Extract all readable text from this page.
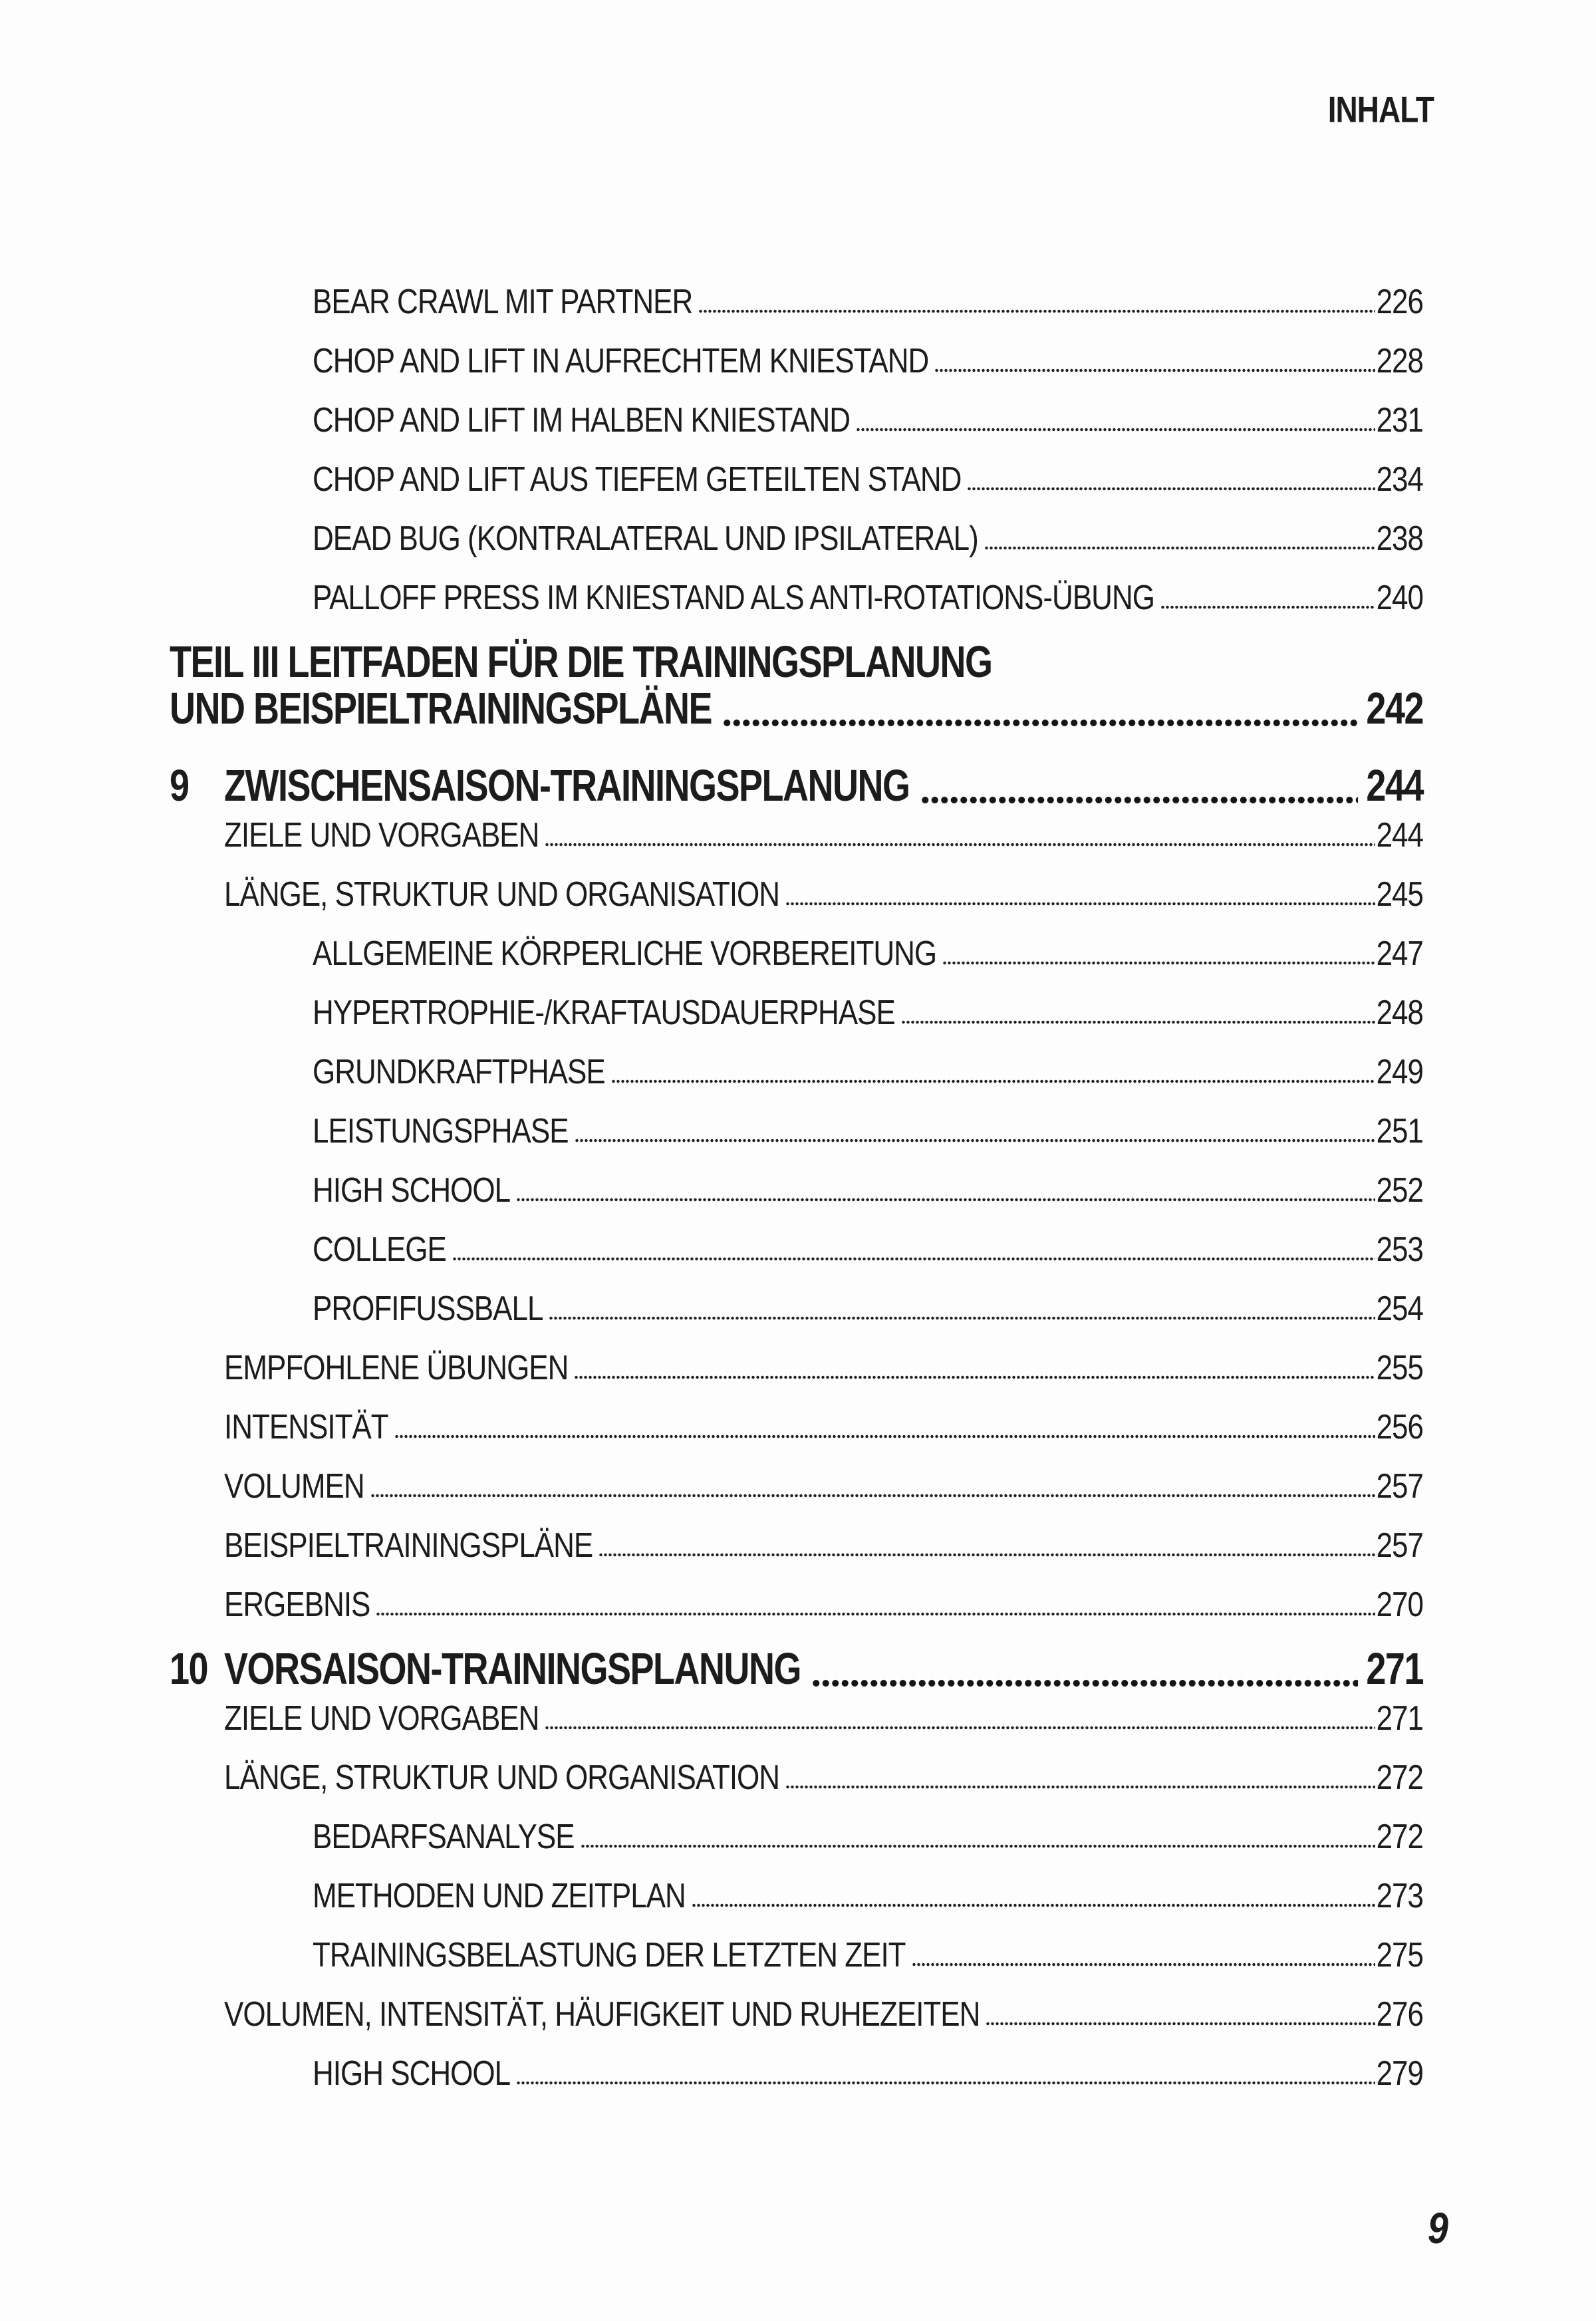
INHALT
BEAR CRAWL MIT PARTNER	226
CHOP AND LIFT IN AUFRECHTEM KNIESTAND	228
CHOP AND LIFT IM HALBEN KNIESTAND	231
CHOP AND LIFT AUS TIEFEM GETEILTEN STAND	234
DEAD BUG (KONTRALATERAL UND IPSILATERAL)	238
PALLOFF PRESS IM KNIESTAND ALS ANTI-ROTATIONS-ÜBUNG	240
TEIL III LEITFADEN FÜR DIE TRAININGSPLANUNG
UND BEISPIELTRAININGSPLÄNE	242
9 ZWISCHENSAISON-TRAININGSPLANUNG	244
ZIELE UND VORGABEN	244
LÄNGE, STRUKTUR UND ORGANISATION	245
ALLGEMEINE KÖRPERLICHE VORBEREITUNG	247
HYPERTROPHIE-/KRAFTAUSDAUERPHASE	248
GRUNDKRAFTPHASE	249
LEISTUNGSPHASE	251
HIGH SCHOOL	252
COLLEGE	253
PROFIFUSSBALL	254
EMPFOHLENE ÜBUNGEN	255
INTENSITÄT	256
VOLUMEN	257
BEISPIELTRAININGSPLÄNE	257
ERGEBNIS	270
10 VORSAISON-TRAININGSPLANUNG	271
ZIELE UND VORGABEN	271
LÄNGE, STRUKTUR UND ORGANISATION	272
BEDARFSANALYSE	272
METHODEN UND ZEITPLAN	273
TRAININGSBELASTUNG DER LETZTEN ZEIT	275
VOLUMEN, INTENSITÄT, HÄUFIGKEIT UND RUHEZEITEN	276
HIGH SCHOOL	279
9
